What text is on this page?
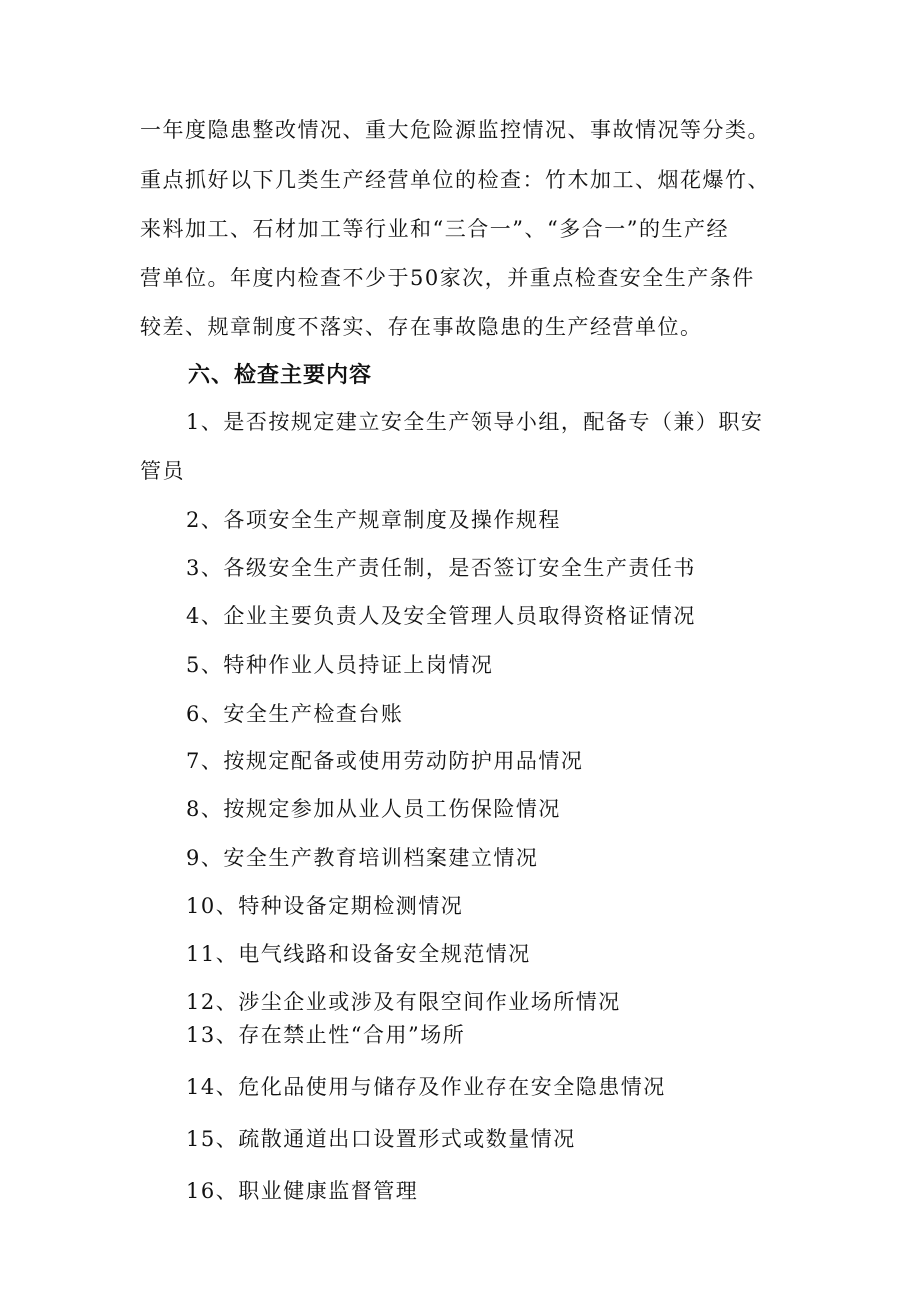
一年度隐患整改情况、重大危险源监控情况、事故情况等分类。
重点抓好以下几类生产经营单位的检查：竹木加工、烟花爆竹、
来料加工、石材加工等行业和“三合一”、“多合一”的生产经
营单位。年度内检查不少于50家次，并重点检查安全生产条件
较差、规章制度不落实、存在事故隐患的生产经营单位。
六、检查主要内容
1、是否按规定建立安全生产领导小组，配备专（兼）职安
管员
2、各项安全生产规章制度及操作规程
3、各级安全生产责任制，是否签订安全生产责任书
4、企业主要负责人及安全管理人员取得资格证情况
5、特种作业人员持证上岗情况
6、安全生产检查台账
7、按规定配备或使用劳动防护用品情况
8、按规定参加从业人员工伤保险情况
9、安全生产教育培训档案建立情况
10、特种设备定期检测情况
11、电气线路和设备安全规范情况
12、涉尘企业或涉及有限空间作业场所情况
13、存在禁止性“合用”场所
14、危化品使用与储存及作业存在安全隐患情况
15、疏散通道出口设置形式或数量情况
16、职业健康监督管理
